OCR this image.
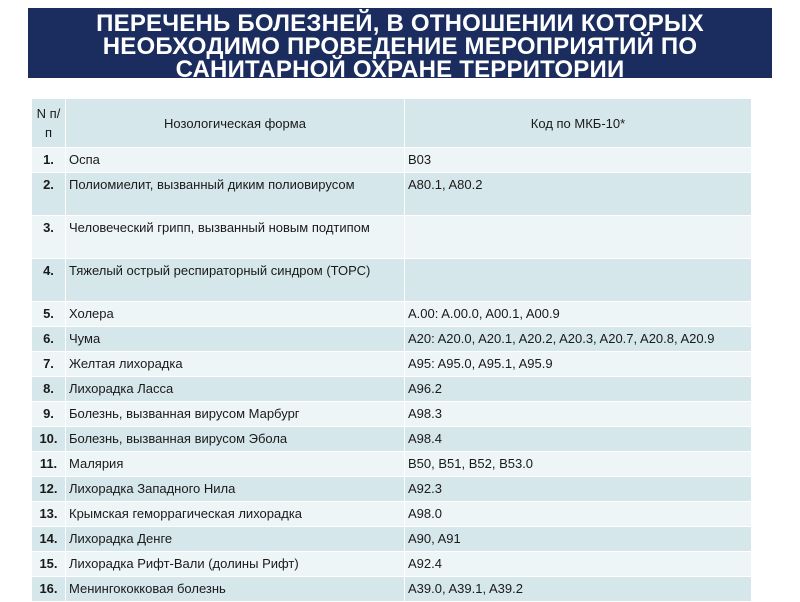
ПЕРЕЧЕНЬ БОЛЕЗНЕЙ, В ОТНОШЕНИИ КОТОРЫХ
НЕОБХОДИМО ПРОВЕДЕНИЕ МЕРОПРИЯТИЙ ПО
САНИТАРНОЙ ОХРАНЕ ТЕРРИТОРИИ
N п/п	Нозологическая форма	Код по МКБ-10*
1.	Оспа	B03
2.	Полиомиелит, вызванный диким полиовирусом	A80.1, A80.2
3.	Человеческий грипп, вызванный новым подтипом	
4.	Тяжелый острый респираторный синдром (ТОРС)	
5.	Холера	A.00: A.00.0, A00.1, A00.9
6.	Чума	A20: A20.0, A20.1, A20.2, A20.3, A20.7, A20.8, A20.9
7.	Желтая лихорадка	A95: A95.0, A95.1, A95.9
8.	Лихорадка Ласса	A96.2
9.	Болезнь, вызванная вирусом Марбург	A98.3
10.	Болезнь, вызванная вирусом Эбола	A98.4
11.	Малярия	B50, B51, B52, B53.0
12.	Лихорадка Западного Нила	A92.3
13.	Крымская геморрагическая лихорадка	A98.0
14.	Лихорадка Денге	A90, A91
15.	Лихорадка Рифт-Вали (долины Рифт)	A92.4
16.	Менингококковая болезнь	A39.0, A39.1, A39.2
